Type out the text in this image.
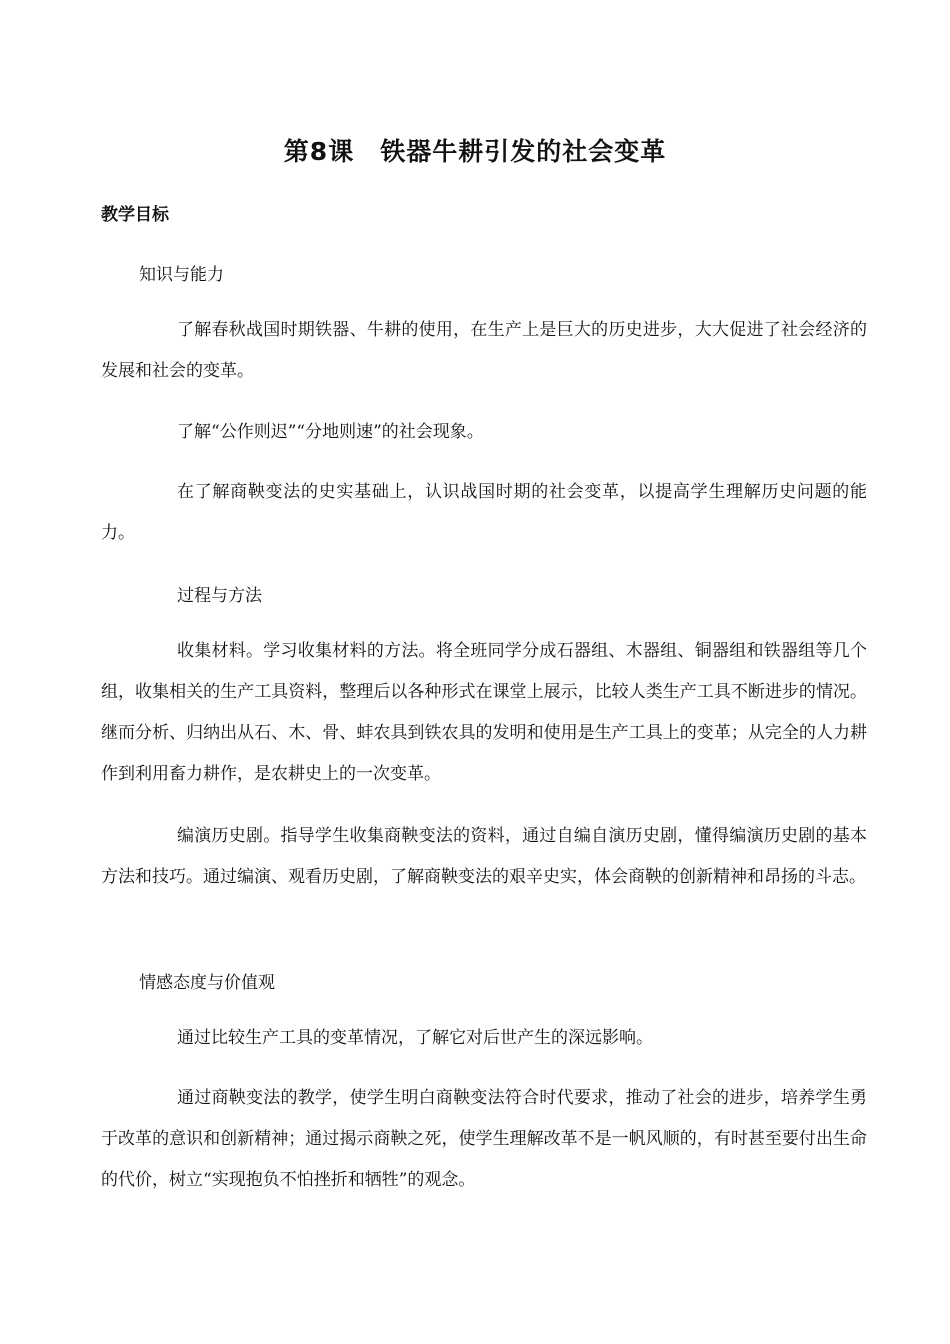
第8课　铁器牛耕引发的社会变革
教学目标
知识与能力

了解春秋战国时期铁器、牛耕的使用，在生产上是巨大的历史进步，大大促进了社会经济的发展和社会的变革。

了解“公作则迟”“分地则速”的社会现象。

在了解商鞅变法的史实基础上，认识战国时期的社会变革，以提高学生理解历史问题的能力。

过程与方法

收集材料。学习收集材料的方法。将全班同学分成石器组、木器组、铜器组和铁器组等几个组，收集相关的生产工具资料，整理后以各种形式在课堂上展示，比较人类生产工具不断进步的情况。继而分析、归纳出从石、木、骨、蚌农具到铁农具的发明和使用是生产工具上的变革；从完全的人力耕作到利用畜力耕作，是农耕史上的一次变革。

编演历史剧。指导学生收集商鞅变法的资料，通过自编自演历史剧，懂得编演历史剧的基本方法和技巧。通过编演、观看历史剧，了解商鞅变法的艰辛史实，体会商鞅的创新精神和昂扬的斗志。

情感态度与价值观

通过比较生产工具的变革情况，了解它对后世产生的深远影响。

通过商鞅变法的教学，使学生明白商鞅变法符合时代要求，推动了社会的进步，培养学生勇于改革的意识和创新精神；通过揭示商鞅之死，使学生理解改革不是一帆风顺的，有时甚至要付出生命的代价，树立“实现抱负不怕挫折和牺牲”的观念。
